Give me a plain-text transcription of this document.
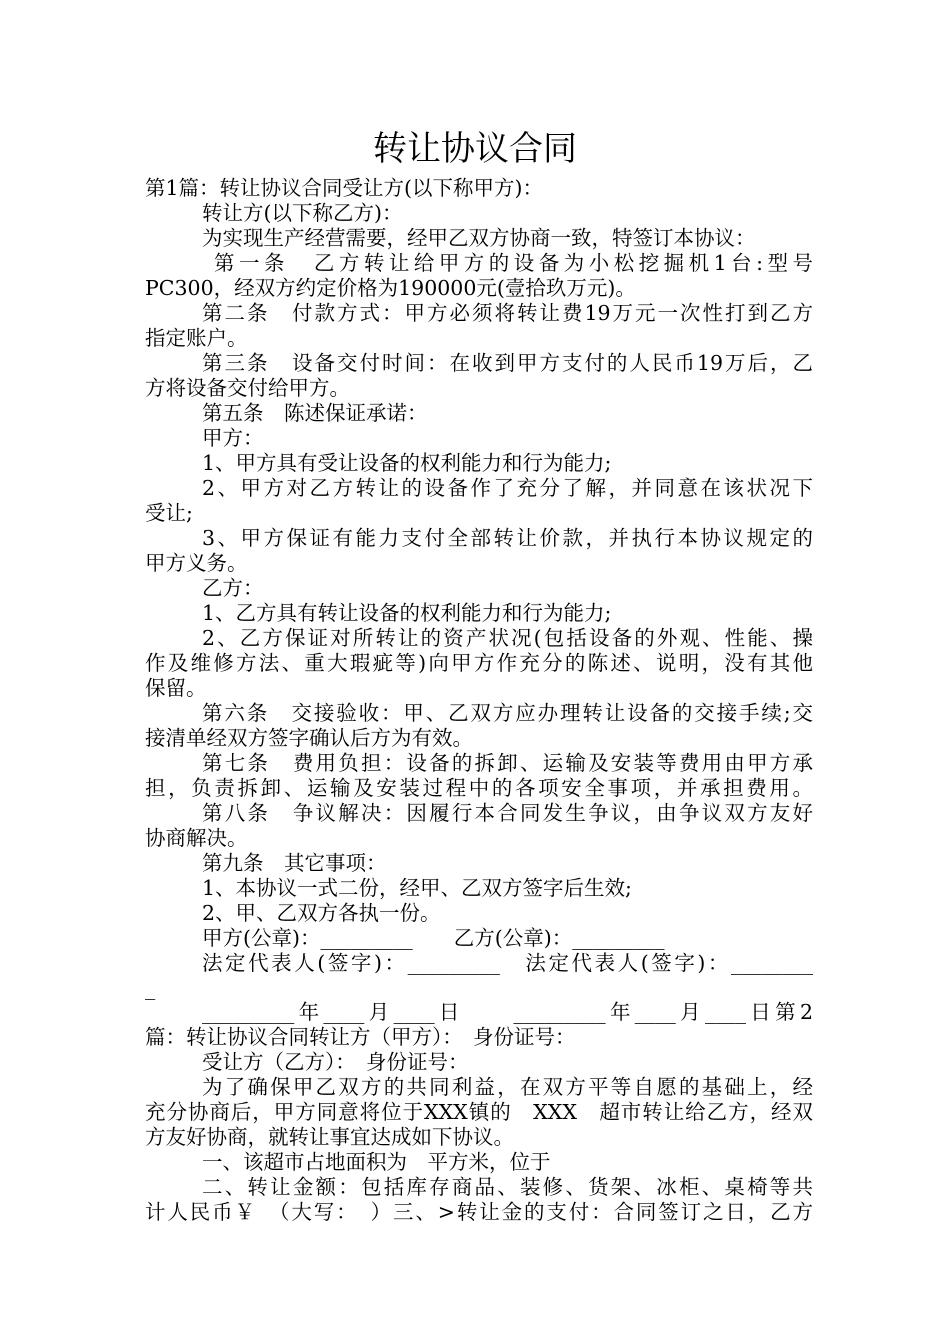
转让协议合同
第1篇：转让协议合同受让方(以下称甲方)：
转让方(以下称乙方)：
为实现生产经营需要，经甲乙双方协商一致，特签订本协议：
第一条　乙方转让给甲方的设备为小松挖掘机1台:型号
PC300，经双方约定价格为190000元(壹拾玖万元)。
第二条　付款方式：甲方必须将转让费19万元一次性打到乙方
指定账户。
第三条　设备交付时间：在收到甲方支付的人民币19万后，乙
方将设备交付给甲方。
第五条　陈述保证承诺：
甲方：
1、甲方具有受让设备的权利能力和行为能力;
2、甲方对乙方转让的设备作了充分了解，并同意在该状况下
受让;
3、甲方保证有能力支付全部转让价款，并执行本协议规定的
甲方义务。
乙方：
1、乙方具有转让设备的权利能力和行为能力;
2、乙方保证对所转让的资产状况(包括设备的外观、性能、操
作及维修方法、重大瑕疵等)向甲方作充分的陈述、说明，没有其他
保留。
第六条　交接验收：甲、乙双方应办理转让设备的交接手续;交
接清单经双方签字确认后方为有效。
第七条　费用负担：设备的拆卸、运输及安装等费用由甲方承
担，负责拆卸、运输及安装过程中的各项安全事项，并承担费用。
第八条　争议解决：因履行本合同发生争议，由争议双方友好
协商解决。
第九条　其它事项：
1、本协议一式二份，经甲、乙双方签字后生效;
2、甲、乙双方各执一份。
甲方(公章)：_________　　乙方(公章)：_________
法定代表人(签字)：_________　法定代表人(签字)：________
_
_________年____月____日　　_________年____月____日第2
篇：转让协议合同转让方（甲方）：　身份证号：
受让方（乙方）：　身份证号：
为了确保甲乙双方的共同利益，在双方平等自愿的基础上，经
充分协商后，甲方同意将位于XXX镇的　XXX　超市转让给乙方，经双
方友好协商，就转让事宜达成如下协议。
一、该超市占地面积为　平方米，位于
二、转让金额：包括库存商品、装修、货架、冰柜、桌椅等共
计人民币￥　（大写：　）三、>转让金的支付：合同签订之日，乙方
